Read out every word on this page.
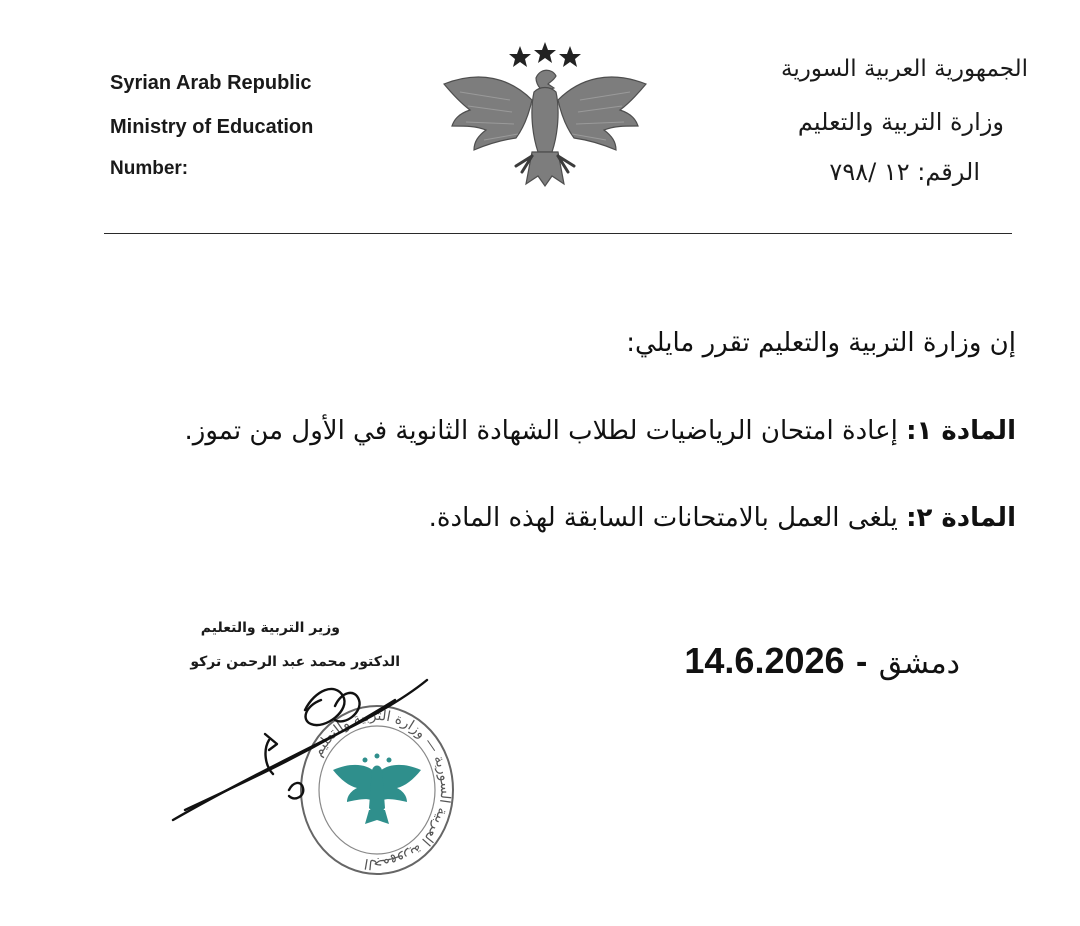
Syrian Arab Republic
Ministry of Education
Number:
الجمهورية العربية السورية
وزارة التربية والتعليم
الرقم: ١٢ /٧٩٨
إن وزارة التربية والتعليم تقرر مايلي:
المادة ١: إعادة امتحان الرياضيات لطلاب الشهادة الثانوية في الأول من تموز.
المادة ٢: يلغى العمل بالامتحانات السابقة لهذه المادة.
وزير التربية والتعليم
الدكتور محمد عبد الرحمن تركو
الجمهورية العربية السورية — وزارة التربية والتعليم
دمشق - 14.6.2026
